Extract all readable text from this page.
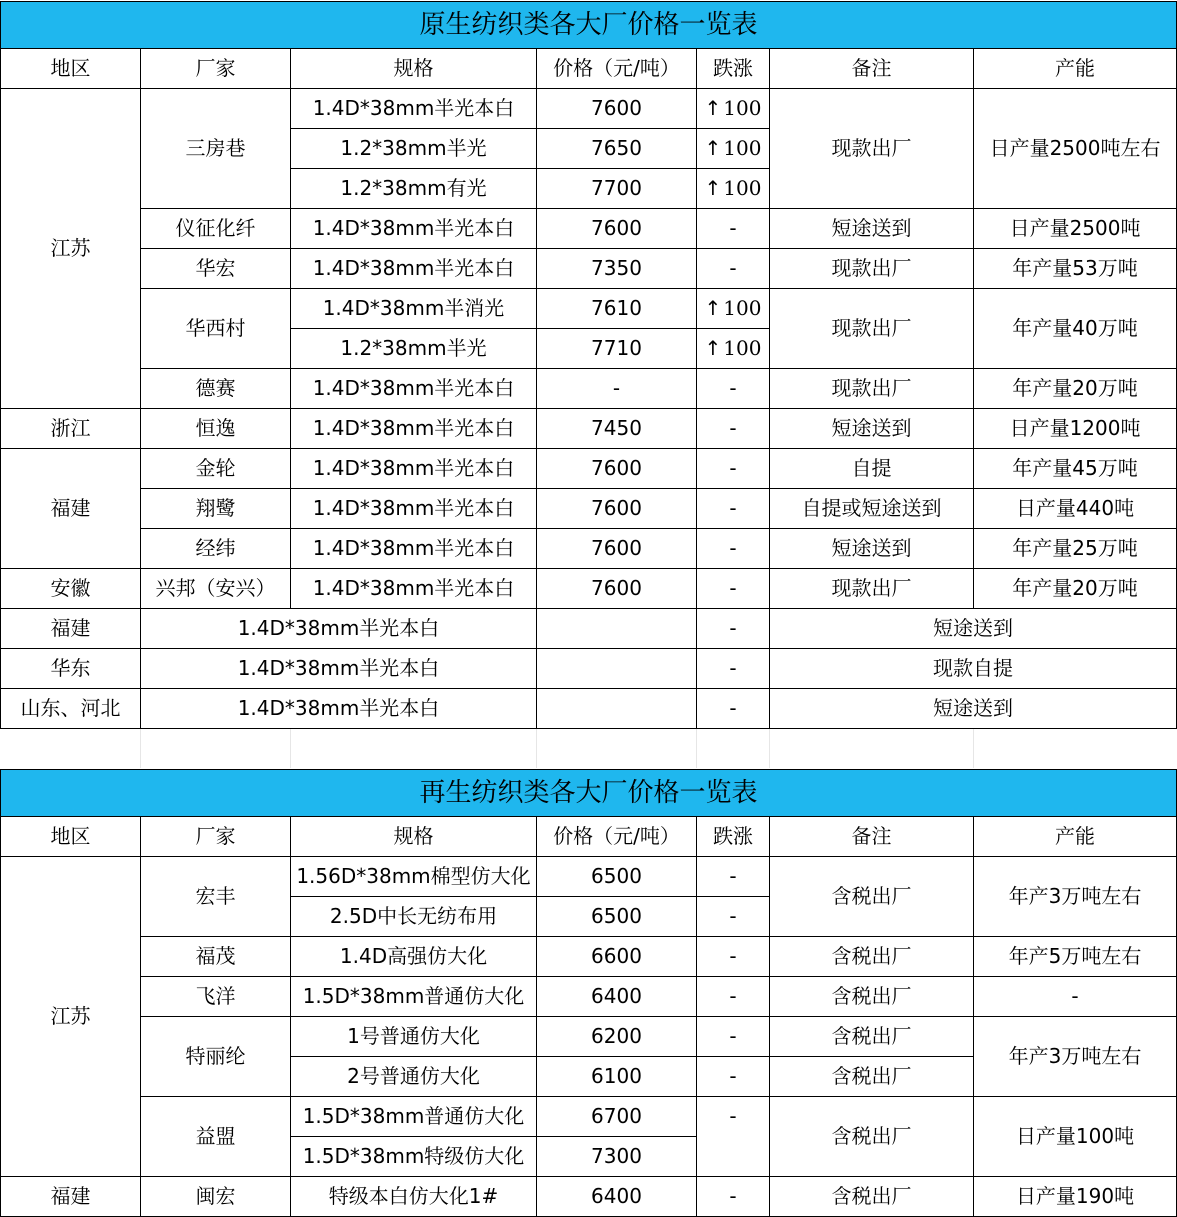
原生纺织类各大厂价格一览表						
地区	厂家	规格	价格（元/吨）	跌涨	备注	产能
江苏	三房巷	1.4D*38mm半光本白	7600	↑ 100	现款出厂	日产量2500吨左右
		1.2*38mm半光	7650	↑ 100		
		1.2*38mm有光	7700	↑ 100		
	仪征化纤	1.4D*38mm半光本白	7600	-	短途送到	日产量2500吨
	华宏	1.4D*38mm半光本白	7350	-	现款出厂	年产量53万吨
	华西村	1.4D*38mm半消光	7610	↑ 100	现款出厂	年产量40万吨
		1.2*38mm半光	7710	↑ 100		
	德赛	1.4D*38mm半光本白	-	-	现款出厂	年产量20万吨
浙江	恒逸	1.4D*38mm半光本白	7450	-	短途送到	日产量1200吨
福建	金轮	1.4D*38mm半光本白	7600	-	自提	年产量45万吨
	翔鹭	1.4D*38mm半光本白	7600	-	自提或短途送到	日产量440吨
	经纬	1.4D*38mm半光本白	7600	-	短途送到	年产量25万吨
安徽	兴邦（安兴）	1.4D*38mm半光本白	7600	-	现款出厂	年产量20万吨
福建	1.4D*38mm半光本白			-	短途送到	
华东	1.4D*38mm半光本白			-	现款自提	
山东、河北	1.4D*38mm半光本白			-	短途送到	
再生纺织类各大厂价格一览表						
地区	厂家	规格	价格（元/吨）	跌涨	备注	产能
江苏	宏丰	1.56D*38mm棉型仿大化	6500	-	含税出厂	年产3万吨左右
		2.5D中长无纺布用	6500	-		
	福茂	1.4D高强仿大化	6600	-	含税出厂	年产5万吨左右
	飞洋	1.5D*38mm普通仿大化	6400	-	含税出厂	-
	特丽纶	1号普通仿大化	6200	-	含税出厂	年产3万吨左右
		2号普通仿大化	6100	-	含税出厂	
	益盟	1.5D*38mm普通仿大化	6700	-	含税出厂	日产量100吨
		1.5D*38mm特级仿大化	7300			
福建	闽宏	特级本白仿大化1#	6400	-	含税出厂	日产量190吨
